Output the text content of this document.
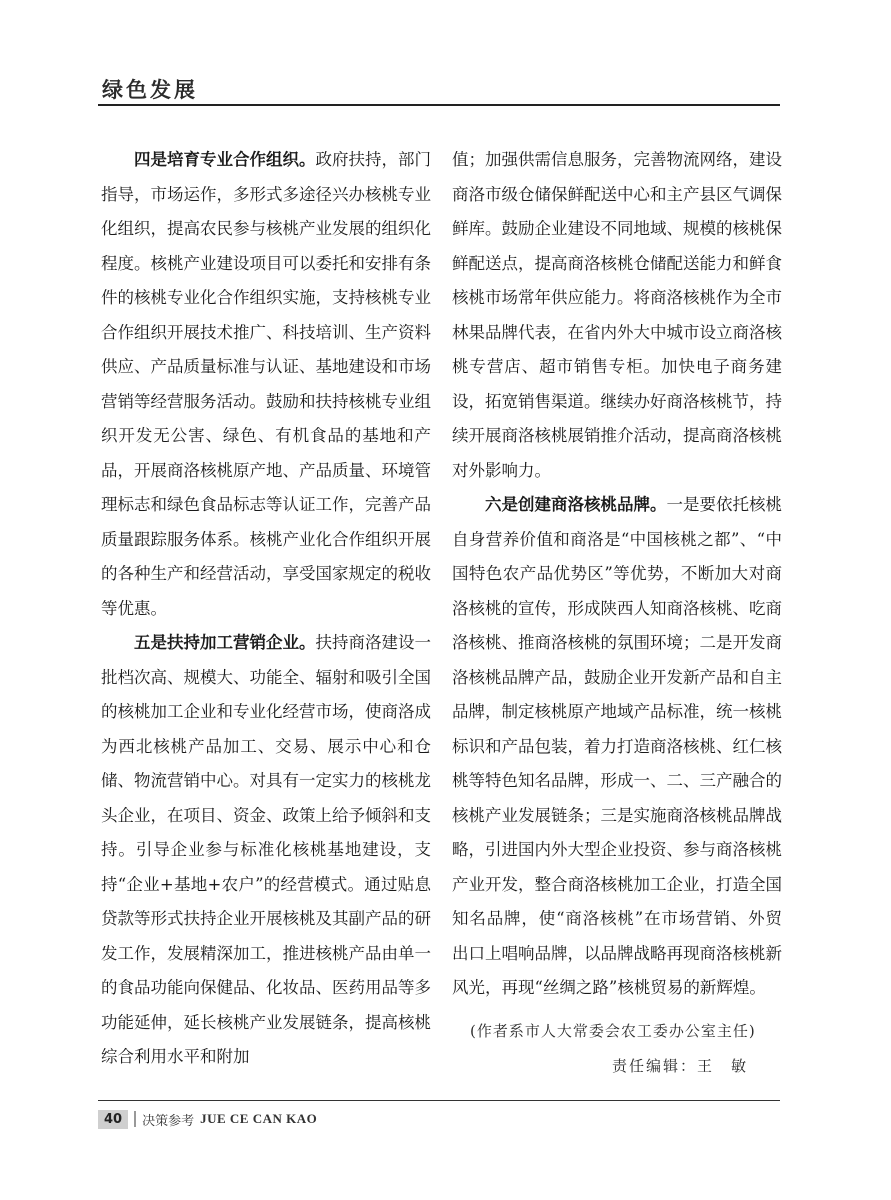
绿色发展

四是培育专业合作组织。政府扶持，部门指导，市场运作，多形式多途径兴办核桃专业化组织，提高农民参与核桃产业发展的组织化程度。核桃产业建设项目可以委托和安排有条件的核桃专业化合作组织实施，支持核桃专业合作组织开展技术推广、科技培训、生产资料供应、产品质量标准与认证、基地建设和市场营销等经营服务活动。鼓励和扶持核桃专业组织开发无公害、绿色、有机食品的基地和产品，开展商洛核桃原产地、产品质量、环境管理标志和绿色食品标志等认证工作，完善产品质量跟踪服务体系。核桃产业化合作组织开展的各种生产和经营活动，享受国家规定的税收等优惠。

五是扶持加工营销企业。扶持商洛建设一批档次高、规模大、功能全、辐射和吸引全国的核桃加工企业和专业化经营市场，使商洛成为西北核桃产品加工、交易、展示中心和仓储、物流营销中心。对具有一定实力的核桃龙头企业，在项目、资金、政策上给予倾斜和支持。引导企业参与标准化核桃基地建设，支持“企业+基地+农户”的经营模式。通过贴息贷款等形式扶持企业开展核桃及其副产品的研发工作，发展精深加工，推进核桃产品由单一的食品功能向保健品、化妆品、医药用品等多功能延伸，延长核桃产业发展链条，提高核桃综合利用水平和附加

值；加强供需信息服务，完善物流网络，建设商洛市级仓储保鲜配送中心和主产县区气调保鲜库。鼓励企业建设不同地域、规模的核桃保鲜配送点，提高商洛核桃仓储配送能力和鲜食核桃市场常年供应能力。将商洛核桃作为全市林果品牌代表，在省内外大中城市设立商洛核桃专营店、超市销售专柜。加快电子商务建设，拓宽销售渠道。继续办好商洛核桃节，持续开展商洛核桃展销推介活动，提高商洛核桃对外影响力。

六是创建商洛核桃品牌。一是要依托核桃自身营养价值和商洛是“中国核桃之都”、“中国特色农产品优势区”等优势，不断加大对商洛核桃的宣传，形成陕西人知商洛核桃、吃商洛核桃、推商洛核桃的氛围环境；二是开发商洛核桃品牌产品，鼓励企业开发新产品和自主品牌，制定核桃原产地域产品标准，统一核桃标识和产品包装，着力打造商洛核桃、红仁核桃等特色知名品牌，形成一、二、三产融合的核桃产业发展链条；三是实施商洛核桃品牌战略，引进国内外大型企业投资、参与商洛核桃产业开发，整合商洛核桃加工企业，打造全国知名品牌，使“商洛核桃”在市场营销、外贸出口上唱响品牌，以品牌战略再现商洛核桃新风光，再现“丝绸之路”核桃贸易的新辉煌。

(作者系市人大常委会农工委办公室主任)
责任编辑：王　敏
40	决策参考 JUE CE CAN KAO
